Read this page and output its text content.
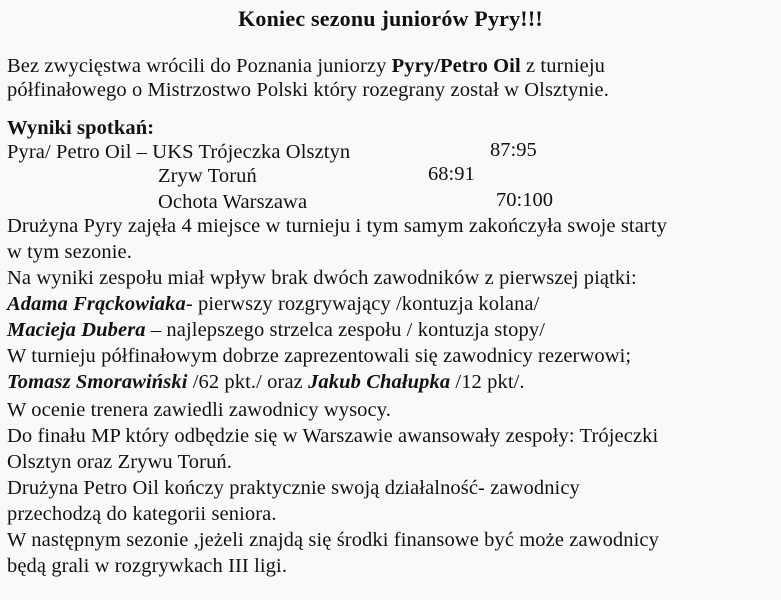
Koniec sezonu juniorów Pyry!!!
Bez zwycięstwa wrócili do Poznania juniorzy Pyry/Petro Oil z turnieju
półfinałowego o Mistrzostwo Polski który rozegrany został w Olsztynie.
Wyniki spotkań:
Pyra/ Petro Oil – UKS Trójeczka Olsztyn	87:95
Zryw Toruń	68:91
Ochota Warszawa	70:100
Drużyna Pyry zajęła 4 miejsce w turnieju i tym samym zakończyła swoje starty
w tym sezonie.
Na wyniki zespołu miał wpływ brak dwóch zawodników z pierwszej piątki:
Adama Frąckowiaka- pierwszy rozgrywający /kontuzja kolana/
Macieja Dubera – najlepszego strzelca zespołu / kontuzja stopy/
W turnieju półfinałowym dobrze zaprezentowali się zawodnicy rezerwowi;
Tomasz Smorawiński /62 pkt./ oraz Jakub Chałupka /12 pkt/.
W ocenie trenera zawiedli zawodnicy wysocy.
Do finału MP który odbędzie się w Warszawie awansowały zespoły: Trójeczki
Olsztyn oraz Zrywu Toruń.
Drużyna Petro Oil kończy praktycznie swoją działalność- zawodnicy
przechodzą do kategorii seniora.
W następnym sezonie ,jeżeli znajdą się środki finansowe być może zawodnicy
będą grali w rozgrywkach III ligi.
